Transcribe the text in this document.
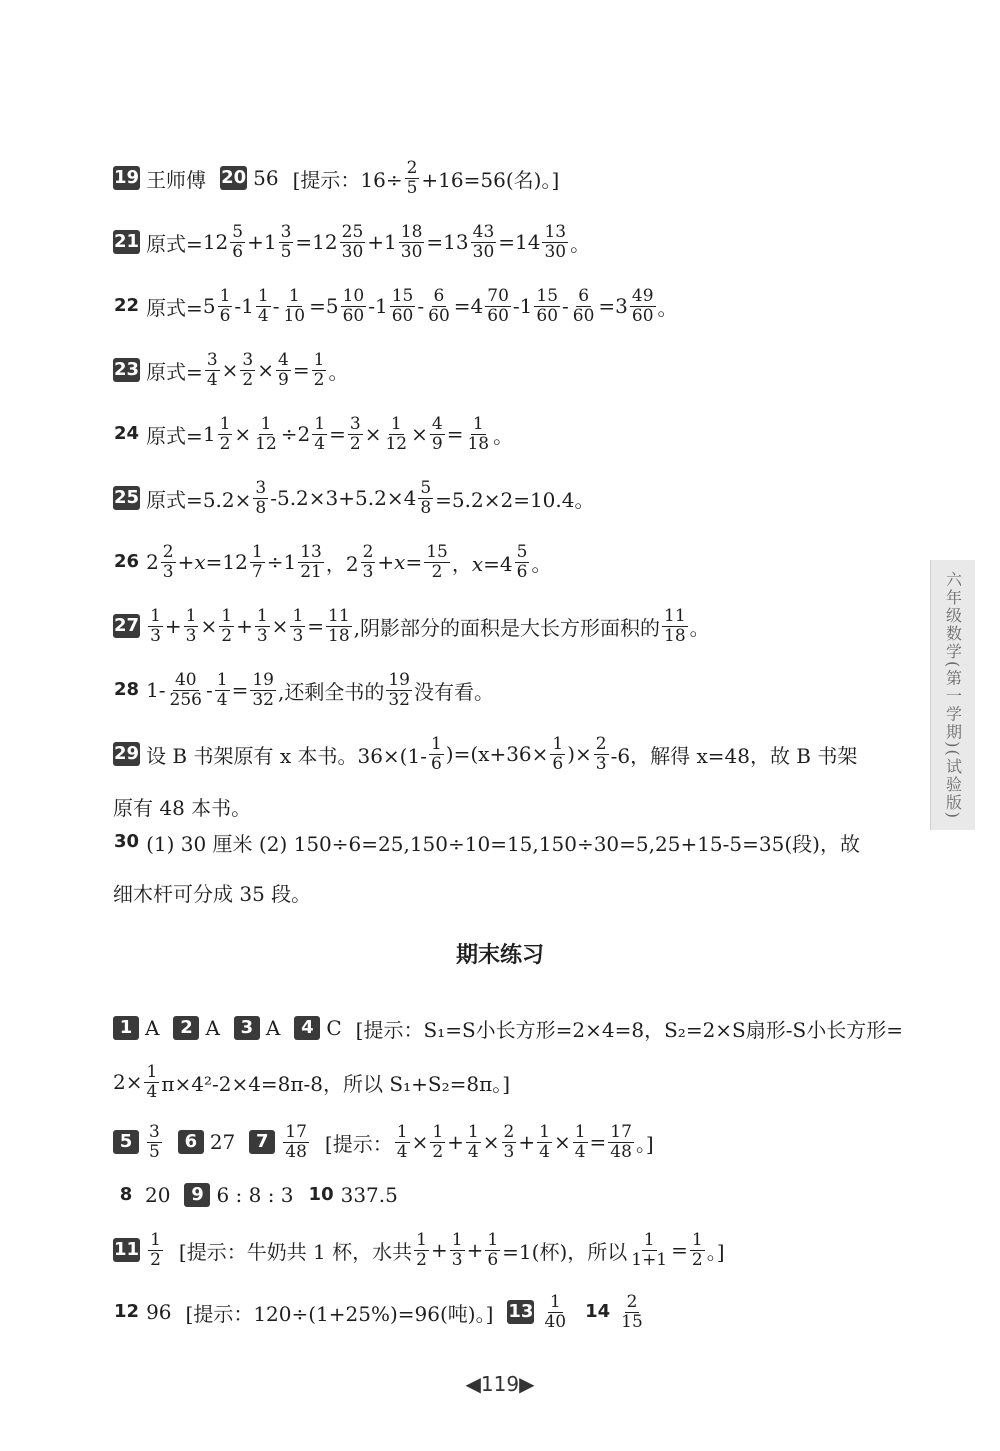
19 王师傅 20 56 [提示：$16\div \frac{2}{5} +16=56$(名)。]
21 原式= 12 5
$6 +1 \frac{3}{5} =12$ 25
$30 +1 \frac{18}{30} =13 \frac{43}{30} =14$ 13
30 。
22 原式= 5 1
6 -1 1
$4 - \frac{1}{10} =5$ 10
60 -1 15
$60 - \frac{6}{60} =4$ 70
60 -1 15
$60 - \frac{6}{60} =3$ 49
60 。
23 原式= $\frac{3}{4} \times \frac{3}{2} \times \frac{4}{9} = \frac{1}{2}$ 。
24 原式= $1 \frac{1}{2} \times \frac{1}{12} \div 2 \frac{1}{4} = \frac{3}{2} \times \frac{1}{12} \times \frac{4}{9} = \frac{1}{18}$ 。
25 原式$=5.2\times \frac{3}{8} -5.2\times 3+5.2\times 4 \frac{5}{8} =5.2\times 2=10.4$。
26 2 2
$3 +x=12 \frac{1}{7} \div 1$ 13
21 ，2 2
$3 +x= \frac{15}{2}$ ，x=4 5
6 。
27 1
$3 + \frac{1}{3} \times \frac{1}{2} + \frac{1}{3} \times \frac{1}{3} = \frac{11}{18}$ ,阴影部分的面积是大长方形面积的 11
18 。
28 1- 40
$256 - \frac{1}{4} = \frac{19}{32}$ ,还剩全书的 19
32 没有看。
29 设 B 书架原有 x 本书。36×(1- 1
6 )$=(x+36\times \frac{1}{6}$ )× $\frac{2}{3} -6$，解得 x=48，故 B 书架
原有 48 本书。
30 (1) 30 厘米 (2) 150÷6=25,150÷10=15,150÷30=5,25+15-5=35(段)，故
细木杆可分成 35 段。
期末练习
1 A	2 A	3 A	4 C [提示：S₁=S小长方形=2×4=8，S₂=2×S扇形-S小长方形=
$2\times \frac{1}{4} \pi\times 4^2-2\times 4=8\pi-8$，所以 S₁+S₂=8π。]
5 3
5	6 27	7 17
48 [提示： $\frac{1}{4} \times \frac{1}{2} + \frac{1}{4} \times \frac{2}{3} + \frac{1}{4} \times \frac{1}{4} = \frac{17}{48}$ 。]
8 20	9 6 : 8 : 3 10 337.5
11 1
2 [提示：牛奶共 1 杯，水共 1
$2 + \frac{1}{3} + \frac{1}{6} =1$(杯)，所以 $\frac{1}{1+1} = \frac{1}{2}$ 。]
12 96 [提示：120÷(1+25%)=96(吨)。] 13 1
40 14 2
15
六年级数学(第一学期)(试验版)
◀119▶
